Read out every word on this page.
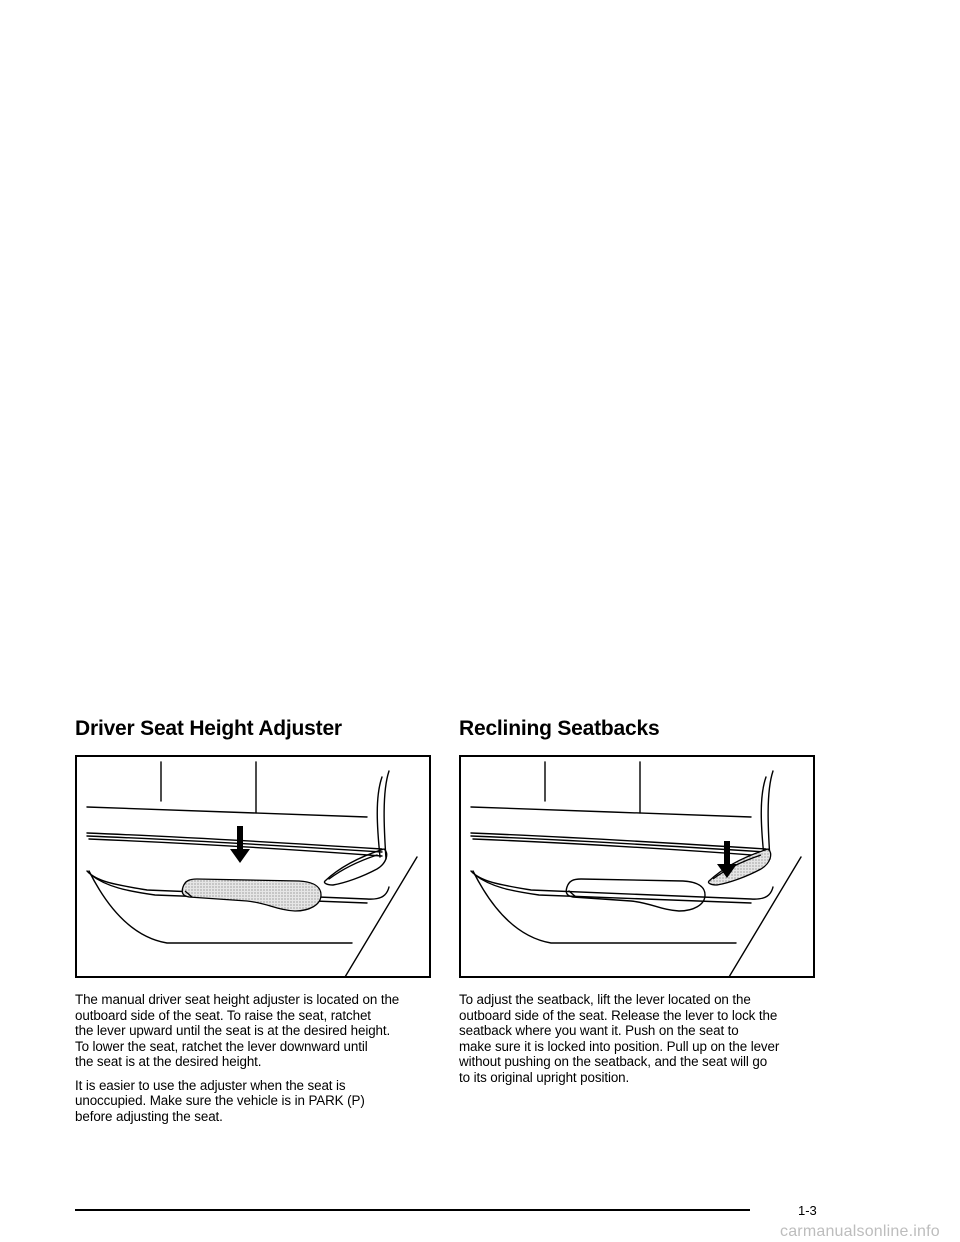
Driver Seat Height Adjuster

The manual driver seat height adjuster is located on the
outboard side of the seat. To raise the seat, ratchet
the lever upward until the seat is at the desired height.
To lower the seat, ratchet the lever downward until
the seat is at the desired height.

It is easier to use the adjuster when the seat is
unoccupied. Make sure the vehicle is in PARK (P)
before adjusting the seat.

Reclining Seatbacks

To adjust the seatback, lift the lever located on the
outboard side of the seat. Release the lever to lock the
seatback where you want it. Push on the seat to
make sure it is locked into position. Pull up on the lever
without pushing on the seatback, and the seat will go
to its original upright position.

1-3
carmanualsonline.info
